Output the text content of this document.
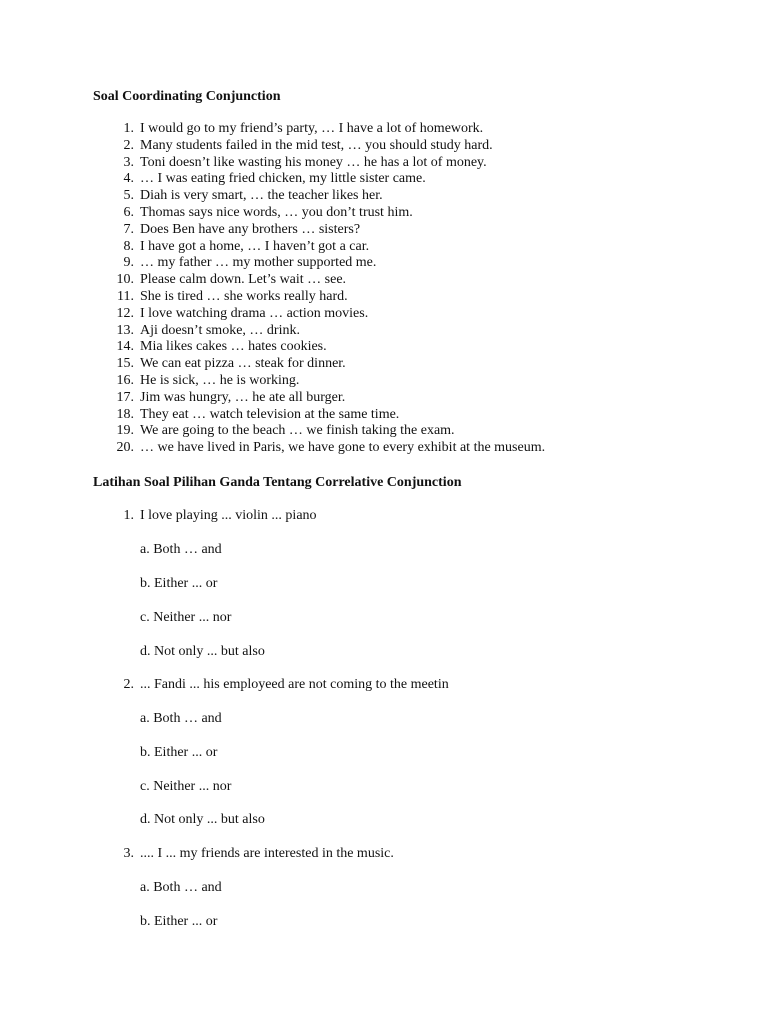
Soal Coordinating Conjunction
1. I would go to my friend’s party, … I have a lot of homework.
2. Many students failed in the mid test, … you should study hard.
3. Toni doesn’t like wasting his money … he has a lot of money.
4. … I was eating fried chicken, my little sister came.
5. Diah is very smart, … the teacher likes her.
6. Thomas says nice words, … you don’t trust him.
7. Does Ben have any brothers … sisters?
8. I have got a home, … I haven’t got a car.
9. … my father … my mother supported me.
10. Please calm down. Let’s wait … see.
11. She is tired … she works really hard.
12. I love watching drama … action movies.
13. Aji doesn’t smoke, … drink.
14. Mia likes cakes … hates cookies.
15. We can eat pizza … steak for dinner.
16. He is sick, … he is working.
17. Jim was hungry, … he ate all burger.
18. They eat … watch television at the same time.
19. We are going to the beach … we finish taking the exam.
20. … we have lived in Paris, we have gone to every exhibit at the museum.
Latihan Soal Pilihan Ganda Tentang Correlative Conjunction
1. I love playing ... violin ... piano
a. Both … and
b. Either ... or
c. Neither ... nor
d. Not only ... but also
2. ... Fandi ... his employeed are not coming to the meetin
a. Both … and
b. Either ... or
c. Neither ... nor
d. Not only ... but also
3. .... I ... my friends are interested in the music.
a. Both … and
b. Either ... or
